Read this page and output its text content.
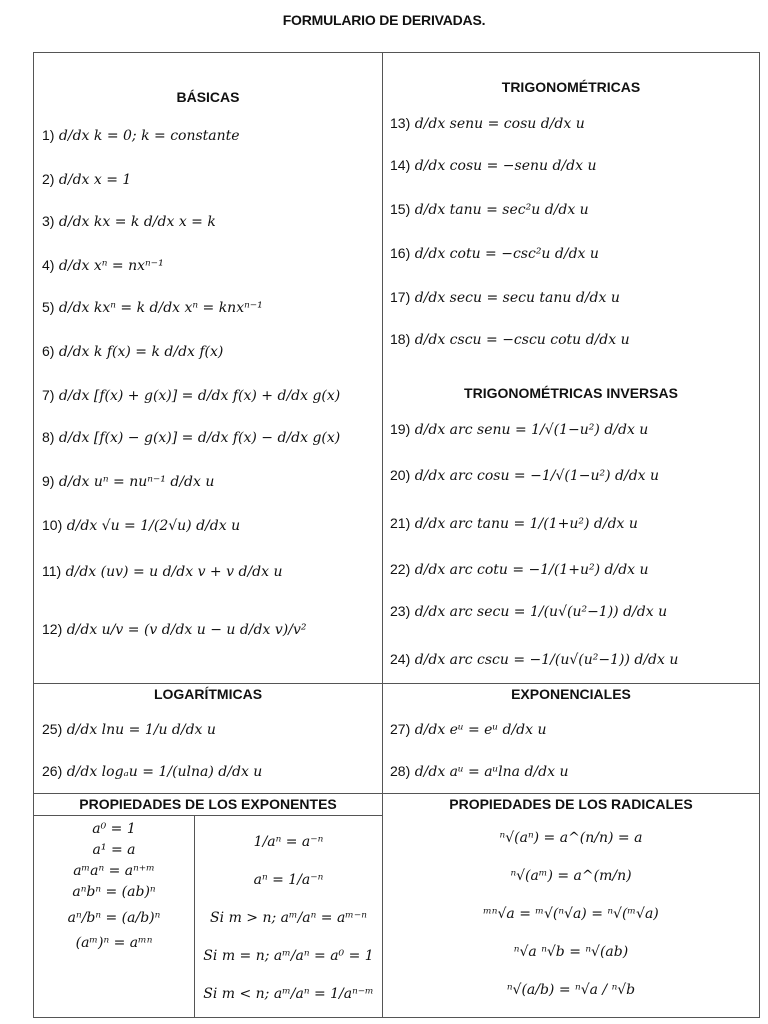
FORMULARIO DE DERIVADAS.
BÁSICAS
1) d/dx k = 0; k = constante
2) d/dx x = 1
3) d/dx kx = k d/dx x = k
4) d/dx xⁿ = nxⁿ⁻¹
5) d/dx kxⁿ = k d/dx xⁿ = knxⁿ⁻¹
6) d/dx k f(x) = k d/dx f(x)
7) d/dx [f(x) + g(x)] = d/dx f(x) + d/dx g(x)
8) d/dx [f(x) − g(x)] = d/dx f(x) − d/dx g(x)
9) d/dx uⁿ = nuⁿ⁻¹ d/dx u
10) d/dx √u = 1/(2√u) d/dx u
11) d/dx (uv) = u d/dx v + v d/dx u
12) d/dx u/v = (v d/dx u − u d/dx v)/v²
TRIGONOMÉTRICAS
13) d/dx senu = cosu d/dx u
14) d/dx cosu = −senu d/dx u
15) d/dx tanu = sec²u d/dx u
16) d/dx cotu = −csc²u d/dx u
17) d/dx secu = secu tanu d/dx u
18) d/dx cscu = −cscu cotu d/dx u
TRIGONOMÉTRICAS INVERSAS
19) d/dx arc senu = 1/√(1−u²) d/dx u
20) d/dx arc cosu = −1/√(1−u²) d/dx u
21) d/dx arc tanu = 1/(1+u²) d/dx u
22) d/dx arc cotu = −1/(1+u²) d/dx u
23) d/dx arc secu = 1/(u√(u²−1)) d/dx u
24) d/dx arc cscu = −1/(u√(u²−1)) d/dx u
LOGARÍTMICAS
25) d/dx lnu = 1/u d/dx u
26) d/dx logₐu = 1/(ulna) d/dx u
EXPONENCIALES
27) d/dx eᵘ = eᵘ d/dx u
28) d/dx aᵘ = aᵘlna d/dx u
PROPIEDADES DE LOS EXPONENTES
a⁰ = 1
a¹ = a
aᵐaⁿ = aⁿ⁺ᵐ
aⁿbⁿ = (ab)ⁿ
aⁿ/bⁿ = (a/b)ⁿ
(aᵐ)ⁿ = aᵐⁿ
1/aⁿ = a⁻ⁿ
aⁿ = 1/a⁻ⁿ
Si m > n; aᵐ/aⁿ = aᵐ⁻ⁿ
Si m = n; aᵐ/aⁿ = a⁰ = 1
Si m < n; aᵐ/aⁿ = 1/aⁿ⁻ᵐ
PROPIEDADES DE LOS RADICALES
ⁿ√(aⁿ) = a^(n/n) = a
ⁿ√(aᵐ) = a^(m/n)
ᵐⁿ√a = ᵐ√(ⁿ√a) = ⁿ√(ᵐ√a)
ⁿ√a ⁿ√b = ⁿ√(ab)
ⁿ√(a/b) = ⁿ√a / ⁿ√b
